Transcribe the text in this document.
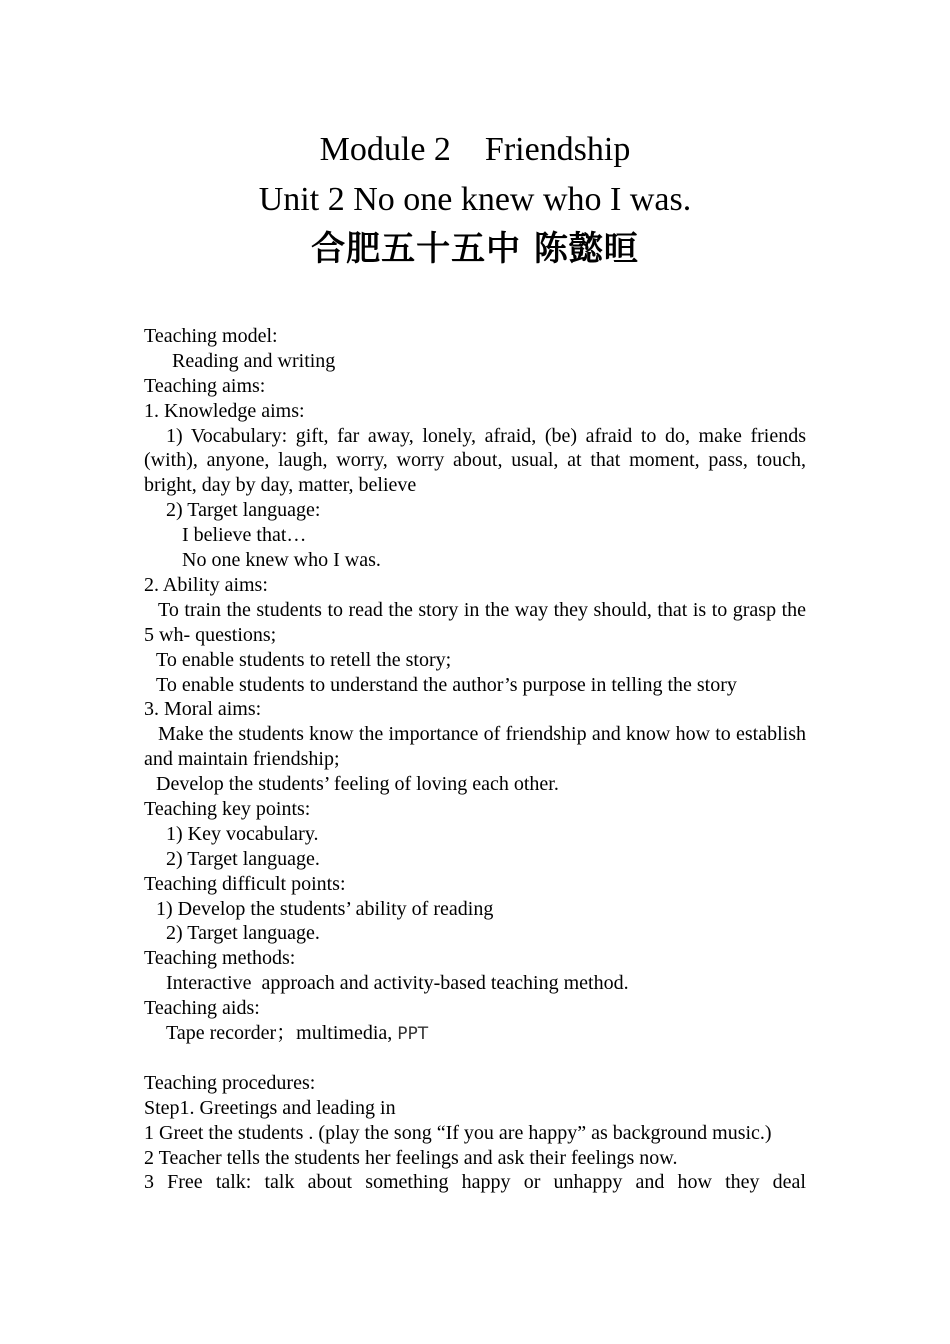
Module 2    Friendship
Unit 2 No one knew who I was.
合肥五十五中 陈懿晅
Teaching model:
Reading and writing
Teaching aims:
1. Knowledge aims:
1) Vocabulary: gift, far away, lonely, afraid, (be) afraid to do, make friends (with), anyone, laugh, worry, worry about, usual, at that moment, pass, touch, bright, day by day, matter, believe
2) Target language:
I believe that…
No one knew who I was.
2. Ability aims:
To train the students to read the story in the way they should, that is to grasp the 5 wh- questions;
To enable students to retell the story;
To enable students to understand the author’s purpose in telling the story
3. Moral aims:
Make the students know the importance of friendship and know how to establish and maintain friendship;
Develop the students’ feeling of loving each other.
Teaching key points:
1) Key vocabulary.
2) Target language.
Teaching difficult points:
1) Develop the students’ ability of reading
2) Target language.
Teaching methods:
Interactive  approach and activity-based teaching method.
Teaching aids:
Tape recorder；multimedia, PPT
Teaching procedures:
Step1. Greetings and leading in
1 Greet the students . (play the song “If you are happy” as background music.)
2 Teacher tells the students her feelings and ask their feelings now.
3 Free talk: talk about something happy or unhappy and how they deal
